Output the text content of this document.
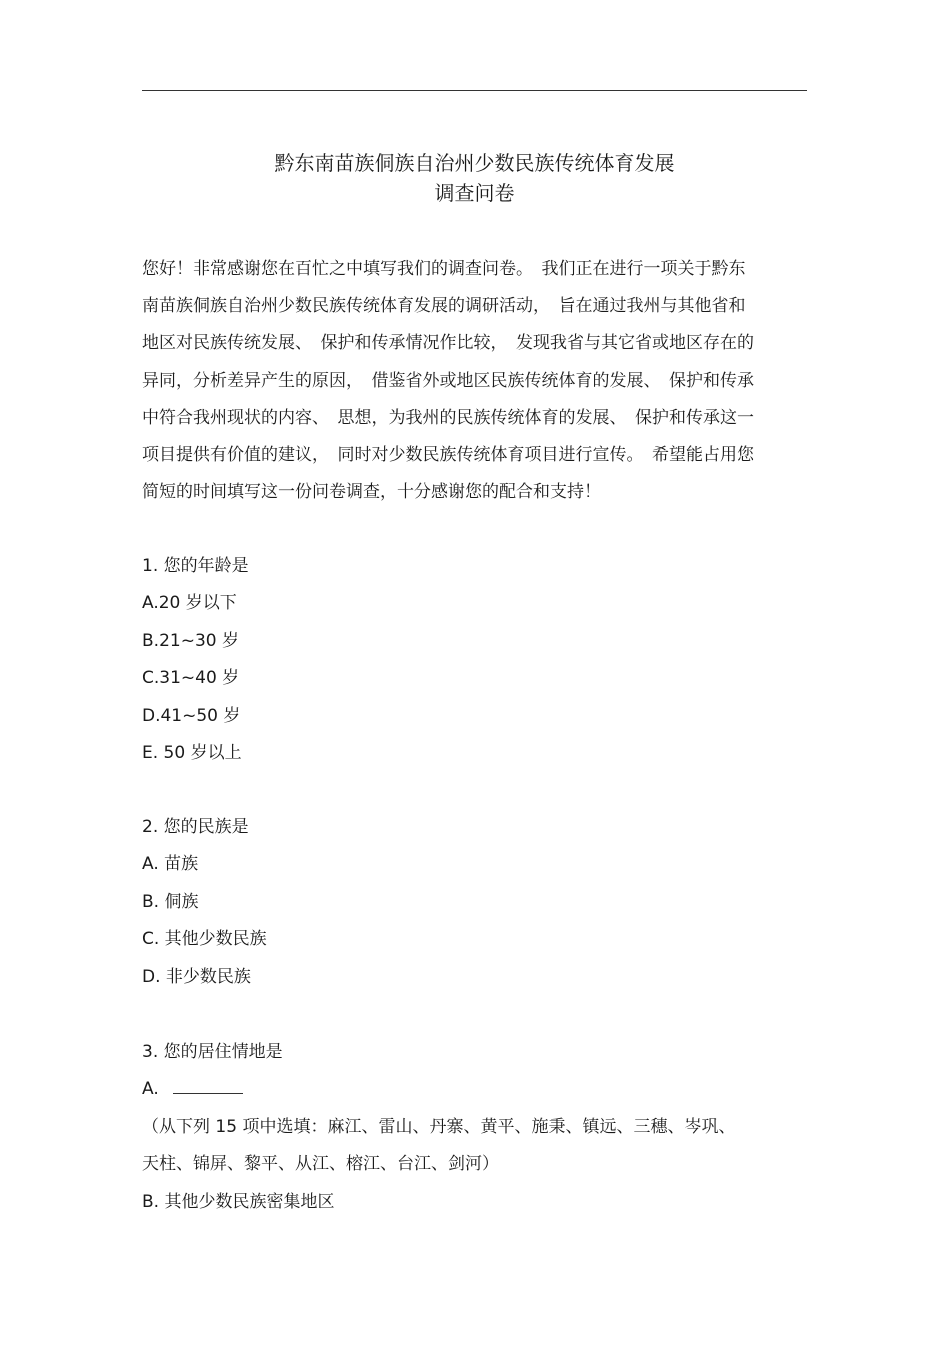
黔东南苗族侗族自治州少数民族传统体育发展
调查问卷
您好！非常感谢您在百忙之中填写我们的调查问卷。　我们正在进行一项关于黔东
南苗族侗族自治州少数民族传统体育发展的调研活动，　旨在通过我州与其他省和
地区对民族传统发展、　保护和传承情况作比较，　发现我省与其它省或地区存在的
异同，分析差异产生的原因，　借鉴省外或地区民族传统体育的发展、　保护和传承
中符合我州现状的内容、　思想，为我州的民族传统体育的发展、　保护和传承这一
项目提供有价值的建议，　同时对少数民族传统体育项目进行宣传。　希望能占用您
简短的时间填写这一份问卷调查，十分感谢您的配合和支持！
1. 您的年龄是
A.20 岁以下
B.21~30 岁
C.31~40 岁
D.41~50 岁
E. 50 岁以上
2. 您的民族是
A. 苗族
B. 侗族
C. 其他少数民族
D. 非少数民族
3. 您的居住情地是
A.
（从下列 15 项中选填：麻江、雷山、丹寨、黄平、施秉、镇远、三穗、岑巩、
天柱、锦屏、黎平、从江、榕江、台江、剑河）
B. 其他少数民族密集地区
